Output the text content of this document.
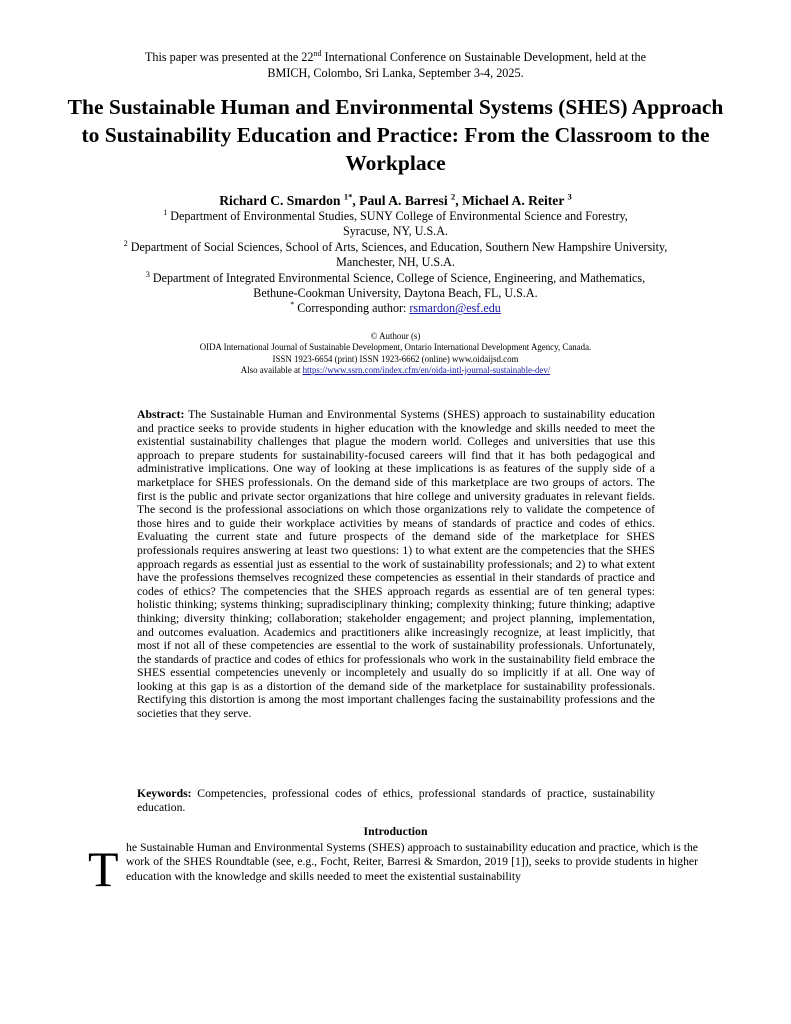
This paper was presented at the 22nd International Conference on Sustainable Development, held at the
BMICH, Colombo, Sri Lanka, September 3-4, 2025.
The Sustainable Human and Environmental Systems (SHES) Approach to Sustainability Education and Practice: From the Classroom to the Workplace
Richard C. Smardon $^{1*}$, Paul A. Barresi $^2$, Michael A. Reiter $^3$
$^1$ Department of Environmental Studies, SUNY College of Environmental Science and Forestry,
Syracuse, NY, U.S.A.
$^2$ Department of Social Sciences, School of Arts, Sciences, and Education, Southern New Hampshire University,
Manchester, NH, U.S.A.
$^3$ Department of Integrated Environmental Science, College of Science, Engineering, and Mathematics,
Bethune-Cookman University, Daytona Beach, FL, U.S.A.
* Corresponding author: rsmardon@esf.edu
© Authour (s)
OIDA International Journal of Sustainable Development, Ontario International Development Agency, Canada.
ISSN 1923-6654 (print) ISSN 1923-6662 (online) www.oidaijsd.com
Also available at https://www.ssrn.com/index.cfm/en/oida-intl-journal-sustainable-dev/

Abstract: The Sustainable Human and Environmental Systems (SHES) approach to sustainability education and practice seeks to provide students in higher education with the knowledge and skills needed to meet the existential sustainability challenges that plague the modern world. Colleges and universities that use this approach to prepare students for sustainability-focused careers will find that it has both pedagogical and administrative implications. One way of looking at these implications is as features of the supply side of a marketplace for SHES professionals. On the demand side of this marketplace are two groups of actors. The first is the public and private sector organizations that hire college and university graduates in relevant fields. The second is the professional associations on which those organizations rely to validate the competence of those hires and to guide their workplace activities by means of standards of practice and codes of ethics. Evaluating the current state and future prospects of the demand side of the marketplace for SHES professionals requires answering at least two questions: 1) to what extent are the competencies that the SHES approach regards as essential just as essential to the work of sustainability professionals; and 2) to what extent have the professions themselves recognized these competencies as essential in their standards of practice and codes of ethics? The competencies that the SHES approach regards as essential are of ten general types: holistic thinking; systems thinking; supradisciplinary thinking; complexity thinking; future thinking; adaptive thinking; diversity thinking; collaboration; stakeholder engagement; and project planning, implementation, and outcomes evaluation. Academics and practitioners alike increasingly recognize, at least implicitly, that most if not all of these competencies are essential to the work of sustainability professionals. Unfortunately, the standards of practice and codes of ethics for professionals who work in the sustainability field embrace the SHES essential competencies unevenly or incompletely and usually do so implicitly if at all. One way of looking at this gap is as a distortion of the demand side of the marketplace for sustainability professionals. Rectifying this distortion is among the most important challenges facing the sustainability professions and the societies that they serve.

Keywords: Competencies, professional codes of ethics, professional standards of practice, sustainability education.

Introduction
T he Sustainable Human and Environmental Systems (SHES) approach to sustainability education and practice, which is the work of the SHES Roundtable (see, e.g., Focht, Reiter, Barresi & Smardon, 2019 [1]), seeks to provide students in higher education with the knowledge and skills needed to meet the existential sustainability
